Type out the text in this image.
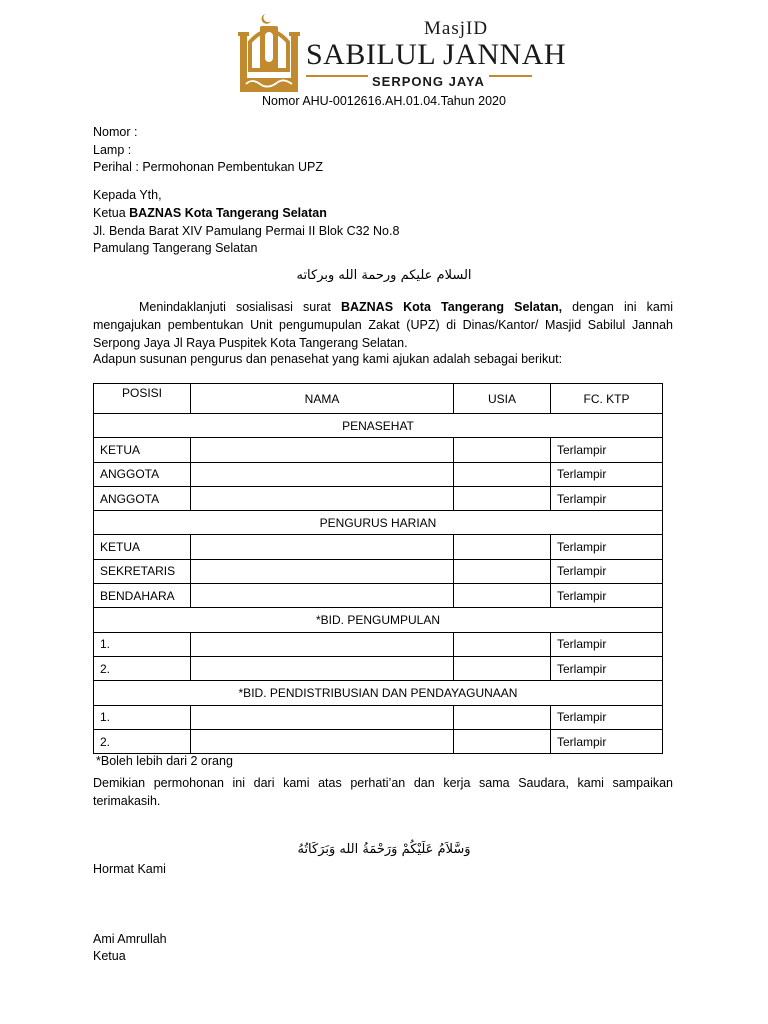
MasjID
SABILUL JANNAH
SERPONG JAYA
Nomor AHU-0012616.AH.01.04.Tahun 2020
Nomor :
Lamp :
Perihal : Permohonan Pembentukan UPZ
Kepada Yth,
Ketua BAZNAS Kota Tangerang Selatan
Jl. Benda Barat XIV Pamulang Permai II Blok C32 No.8
Pamulang Tangerang Selatan
السلام عليكم ورحمة الله وبركاته
Menindaklanjuti sosialisasi surat BAZNAS Kota Tangerang Selatan, dengan ini kami mengajukan pembentukan Unit pengumupulan Zakat (UPZ) di Dinas/Kantor/ Masjid Sabilul Jannah Serpong Jaya Jl Raya Puspitek Kota Tangerang Selatan.
Adapun susunan pengurus dan penasehat yang kami ajukan adalah sebagai berikut:
POSISI	NAMA	USIA	FC. KTP
PENASEHAT			
KETUA			Terlampir
ANGGOTA			Terlampir
ANGGOTA			Terlampir
PENGURUS HARIAN			
KETUA			Terlampir
SEKRETARIS			Terlampir
BENDAHARA			Terlampir
*BID. PENGUMPULAN			
1.			Terlampir
2.			Terlampir
*BID. PENDISTRIBUSIAN DAN PENDAYAGUNAAN			
1.			Terlampir
2.			Terlampir
*Boleh lebih dari 2 orang
Demikian permohonan ini dari kami atas perhati’an dan kerja sama Saudara, kami sampaikan terimakasih.
وَسَّلاَمُ عَلَيْكُمْ وَرَحْمَةُ الله وَبَرَكَاتُهُ
Hormat Kami
Ami Amrullah
Ketua
